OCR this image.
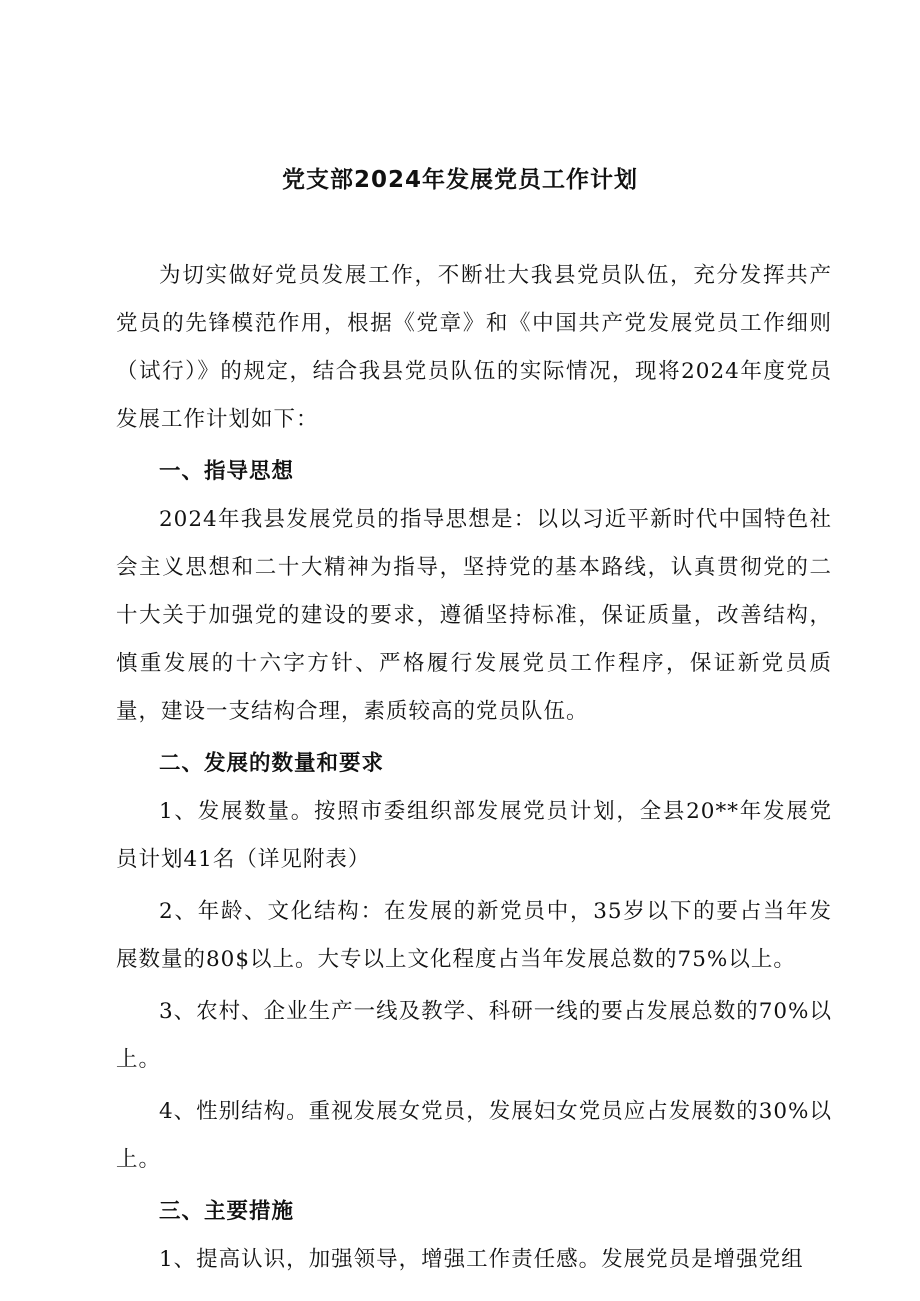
党支部2024年发展党员工作计划

为切实做好党员发展工作，不断壮大我县党员队伍，充分发挥共产党员的先锋模范作用，根据《党章》和《中国共产党发展党员工作细则（试行）》的规定，结合我县党员队伍的实际情况，现将2024年度党员发展工作计划如下：

一、指导思想

2024年我县发展党员的指导思想是：以以习近平新时代中国特色社会主义思想和二十大精神为指导，坚持党的基本路线，认真贯彻党的二十大关于加强党的建设的要求，遵循坚持标准，保证质量，改善结构，慎重发展的十六字方针、严格履行发展党员工作程序，保证新党员质量，建设一支结构合理，素质较高的党员队伍。

二、发展的数量和要求

1、发展数量。按照市委组织部发展党员计划，全县20**年发展党员计划41名（详见附表）

2、年龄、文化结构：在发展的新党员中，35岁以下的要占当年发展数量的80$以上。大专以上文化程度占当年发展总数的75%以上。

3、农村、企业生产一线及教学、科研一线的要占发展总数的70%以上。

4、性别结构。重视发展女党员，发展妇女党员应占发展数的30%以上。

三、主要措施

1、提高认识，加强领导，增强工作责任感。发展党员是增强党组
